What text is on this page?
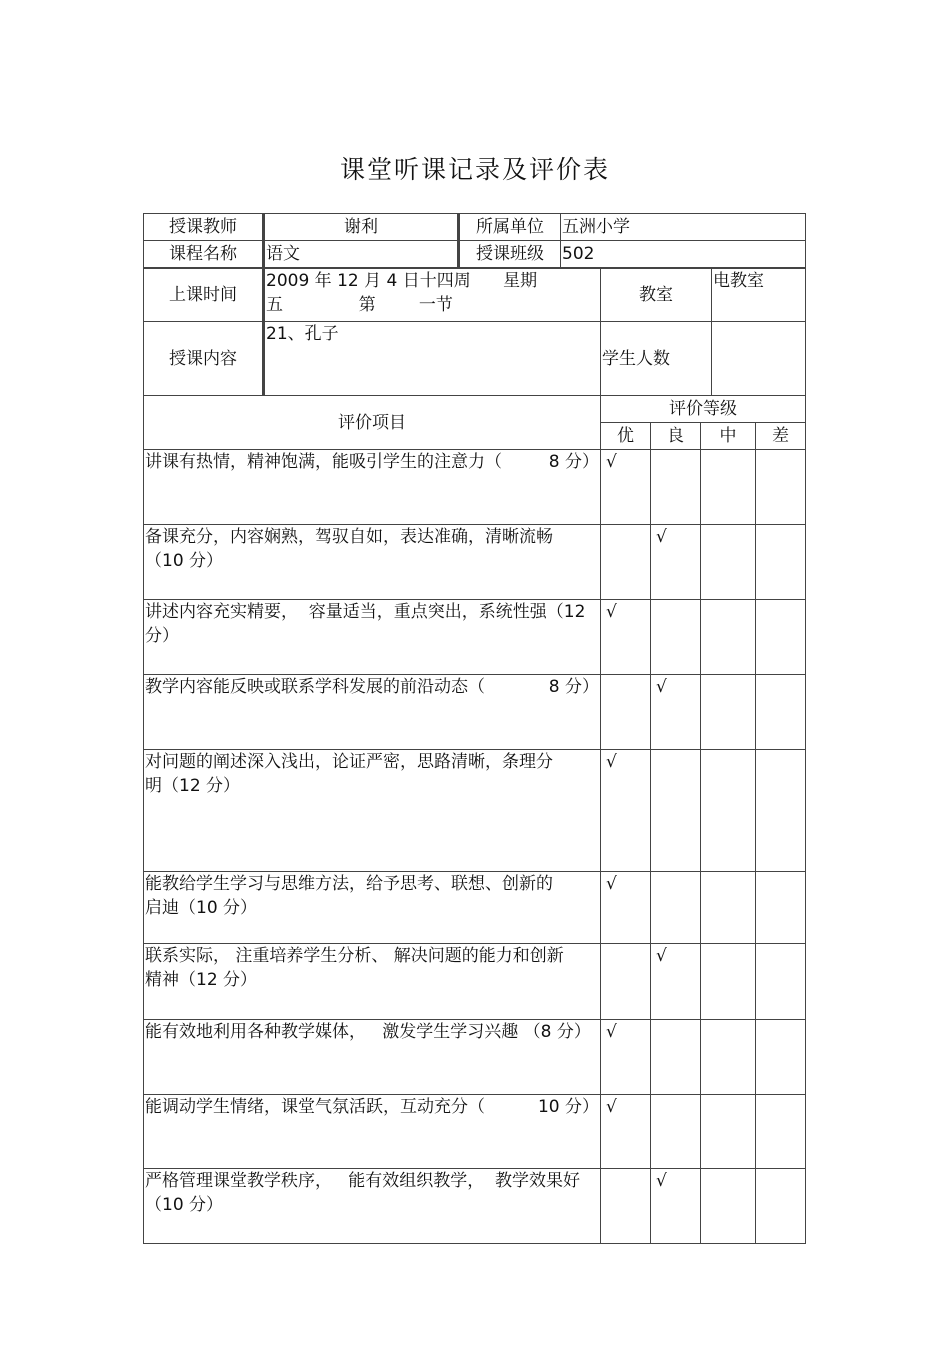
课堂听课记录及评价表
授课教师	谢利	所属单位	五洲小学
课程名称	语文	授课班级	502
上课时间	2009 年 12 月 4 日十四周      星期
五              第        一节	教室	电教室
授课内容	21、孔子	学生人数	
评价项目	评价等级			
	优	良	中	差

讲课有热情，精神饱满，能吸引学生的注意力（ 8 分）	√			

备课充分，内容娴熟，驾驭自如，表达准确，清晰流畅
（10 分）		√		

讲述内容充实精要，  容量适当，重点突出，系统性强（12
分）	√			

教学内容能反映或联系学科发展的前沿动态（ 8 分）		√		

对问题的阐述深入浅出，论证严密，思路清晰，条理分
明（12 分）	√			

能教给学生学习与思维方法，给予思考、联想、创新的
启迪（10 分）	√			

联系实际， 注重培养学生分析、 解决问题的能力和创新
精神（12 分）		√		

能有效地利用各种教学媒体，   激发学生学习兴趣 （8 分）	√			

能调动学生情绪，课堂气氛活跃，互动充分（ 10 分）	√			

严格管理课堂教学秩序，   能有效组织教学，  教学效果好
（10 分）		√		
